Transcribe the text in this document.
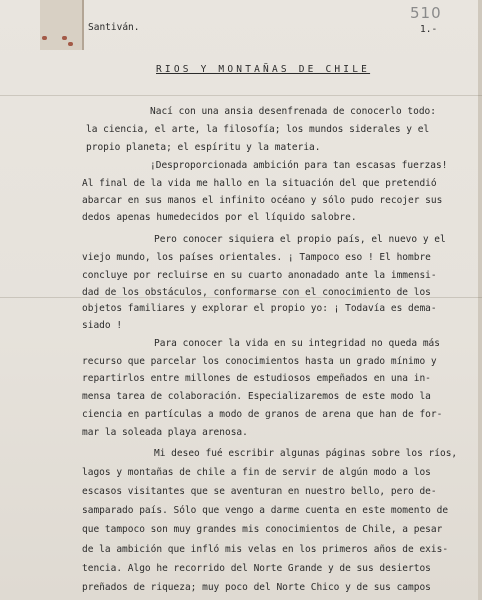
510
Santiván.	1.-
RIOS Y MONTAÑAS DE CHILE
Nací con una ansia desenfrenada de conocerlo todo:
la ciencia, el arte, la filosofía; los mundos siderales y el
propio planeta; el espíritu y la materia.
¡Desproporcionada ambición para tan escasas fuerzas!
Al final de la vida me hallo en la situación del que pretendió
abarcar en sus manos el infinito océano y sólo pudo recojer sus
dedos apenas humedecidos por el líquido salobre.
Pero conocer siquiera el propio país, el nuevo y el
viejo mundo, los países orientales. ¡ Tampoco eso ! El hombre
concluye por recluirse en su cuarto anonadado ante la immensi-
dad de los obstáculos, conformarse con el conocimiento de los
objetos familiares y explorar el propio yo: ¡ Todavía es dema-
siado !
Para conocer la vida en su integridad no queda más
recurso que parcelar los conocimientos hasta un grado mínimo y
repartirlos entre millones de estudiosos empeñados en una in-
mensa tarea de colaboración. Especializaremos de este modo la
ciencia en partículas a modo de granos de arena que han de for-
mar la soleada playa arenosa.
Mi deseo fué escribir algunas páginas sobre los ríos,
lagos y montañas de chile a fin de servir de algún modo a los
escasos visitantes que se aventuran en nuestro bello, pero de-
samparado país. Sólo que vengo a darme cuenta en este momento de
que tampoco son muy grandes mis conocimientos de Chile, a pesar
de la ambición que infló mis velas en los primeros años de exis-
tencia. Algo he recorrido del Norte Grande y de sus desiertos
preñados de riqueza; muy poco del Norte Chico y de sus campos
